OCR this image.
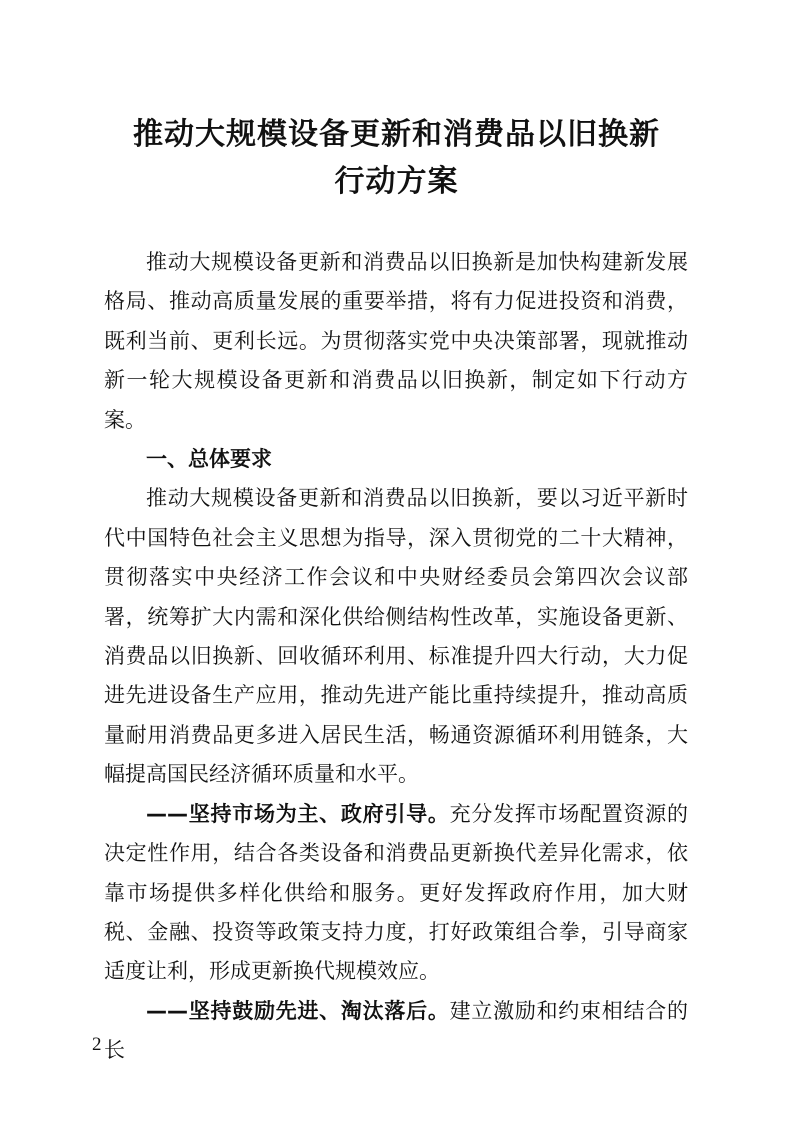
推动大规模设备更新和消费品以旧换新
行动方案

推动大规模设备更新和消费品以旧换新是加快构建新发展格局、推动高质量发展的重要举措，将有力促进投资和消费，既利当前、更利长远。为贯彻落实党中央决策部署，现就推动新一轮大规模设备更新和消费品以旧换新，制定如下行动方案。

一、总体要求

推动大规模设备更新和消费品以旧换新，要以习近平新时代中国特色社会主义思想为指导，深入贯彻党的二十大精神，贯彻落实中央经济工作会议和中央财经委员会第四次会议部署，统筹扩大内需和深化供给侧结构性改革，实施设备更新、消费品以旧换新、回收循环利用、标准提升四大行动，大力促进先进设备生产应用，推动先进产能比重持续提升，推动高质量耐用消费品更多进入居民生活，畅通资源循环利用链条，大幅提高国民经济循环质量和水平。

——坚持市场为主、政府引导。充分发挥市场配置资源的决定性作用，结合各类设备和消费品更新换代差异化需求，依靠市场提供多样化供给和服务。更好发挥政府作用，加大财税、金融、投资等政策支持力度，打好政策组合拳，引导商家适度让利，形成更新换代规模效应。

——坚持鼓励先进、淘汰落后。建立激励和约束相结合的长

2
